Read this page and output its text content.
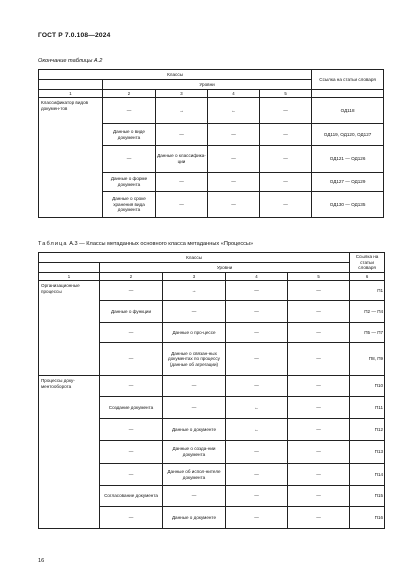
ГОСТ Р 7.0.108—2024
Окончание таблицы А.2
Классы					Ссылка на статьи словаря
	Уровни				
1	2	3	4	5	
Классификатор видов докумен-тов	—	→	←	—	ОД118
	Данные о виде документа	—	—	—	ОД119, ОД120, ОД127
	—	Данные о классифика-ции	—	—	ОД121 — ОД126
	Данные о форме документа	—	—	—	ОД127 — ОД129
	Данные о сроке хранения вида документа	—	—	—	ОД130 — ОД135
Таблица А.3 — Классы метаданных основного класса метаданных «Процессы»
Классы					Ссылка на статьи словаря
	Уровни				
1	2	3	4	5	6
Организационные процессы	—	→	—	—	П1
	Данные о функции	—	—	—	П2 — П4
	—	Данные о про-цессе	—	—	П5 — П7
	—	Данные о связан-ных документах по процессу (данные об агрегации)	—	—	П8, П9
Процессы доку-ментооборота	—	—	—	—	П10
	Создание документа	—	←	—	П11
	—	Данные о документе	←	—	П12
	—	Данные о созда-нии документа	—	—	П13
	—	Данные об испол-нителе документа	—	—	П14
	Согласование документа	—	—	—	П15
	—	Данные о документе	—	—	П16
16
